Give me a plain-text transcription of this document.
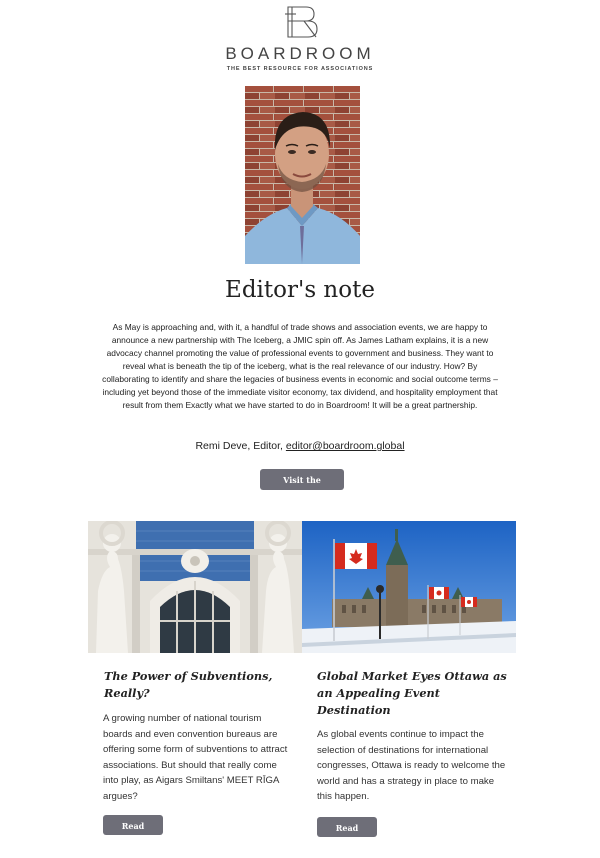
BOARDROOM
THE BEST RESOURCE FOR ASSOCIATIONS
Editor's note

As May is approaching and, with it, a handful of trade shows and association events, we are happy to announce a new partnership with The Iceberg, a JMIC spin off. As James Latham explains, it is a new advocacy channel promoting the value of professional events to government and business. They want to reveal what is beneath the tip of the iceberg, what is the real relevance of our industry. How? By collaborating to identify and share the legacies of business events in economic and social outcome terms – including yet beyond those of the immediate visitor economy, tax dividend, and hospitality employment that result from them Exactly what we have started to do in Boardroom! It will be a great partnership.

Remi Deve, Editor, editor@boardroom.global
Visit the website
The Power of Subventions, Really?
Global Market Eyes Ottawa as an Appealing Event Destination

A growing number of national tourism boards and even convention bureaus are offering some form of subventions to attract associations. But should that really come into play, as Aigars Smiltans' MEET RĪGA argues?

As global events continue to impact the selection of destinations for international congresses, Ottawa is ready to welcome the world and has a strategy in place to make this happen.

Read more
Read more
